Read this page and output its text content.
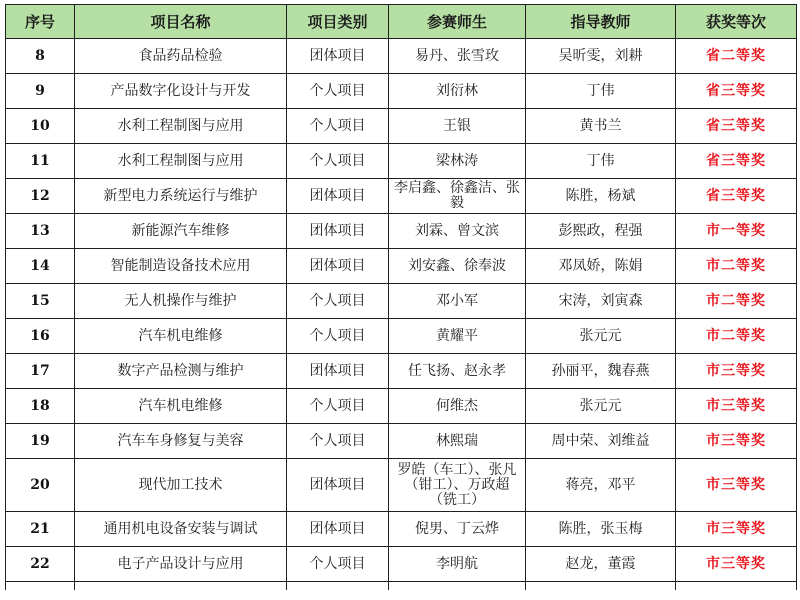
序号	项目名称	项目类别	参赛师生	指导教师	获奖等次
8	食品药品检验	团体项目	易丹、张雪玫	吴昕雯，刘耕	省二等奖
9	产品数字化设计与开发	个人项目	刘衍林	丁伟	省三等奖
10	水利工程制图与应用	个人项目	王银	黄书兰	省三等奖
11	水利工程制图与应用	个人项目	梁林涛	丁伟	省三等奖
12	新型电力系统运行与维护	团体项目	李启鑫、徐鑫洁、张毅	陈胜，杨斌	省三等奖
13	新能源汽车维修	团体项目	刘霖、曾文滨	彭熙政，程强	市一等奖
14	智能制造设备技术应用	团体项目	刘安鑫、徐奉波	邓凤娇，陈娟	市二等奖
15	无人机操作与维护	个人项目	邓小军	宋涛，刘寅森	市二等奖
16	汽车机电维修	个人项目	黄耀平	张元元	市二等奖
17	数字产品检测与维护	团体项目	任飞扬、赵永孝	孙丽平，魏春燕	市三等奖
18	汽车机电维修	个人项目	何维杰	张元元	市三等奖
19	汽车车身修复与美容	个人项目	林熙瑞	周中荣、刘维益	市三等奖
20	现代加工技术	团体项目	罗皓（车工）、张凡（钳工）、万政超（铣工）	蒋亮，邓平	市三等奖
21	通用机电设备安装与调试	团体项目	倪男、丁云烨	陈胜，张玉梅	市三等奖
22	电子产品设计与应用	个人项目	李明航	赵龙，董霞	市三等奖
